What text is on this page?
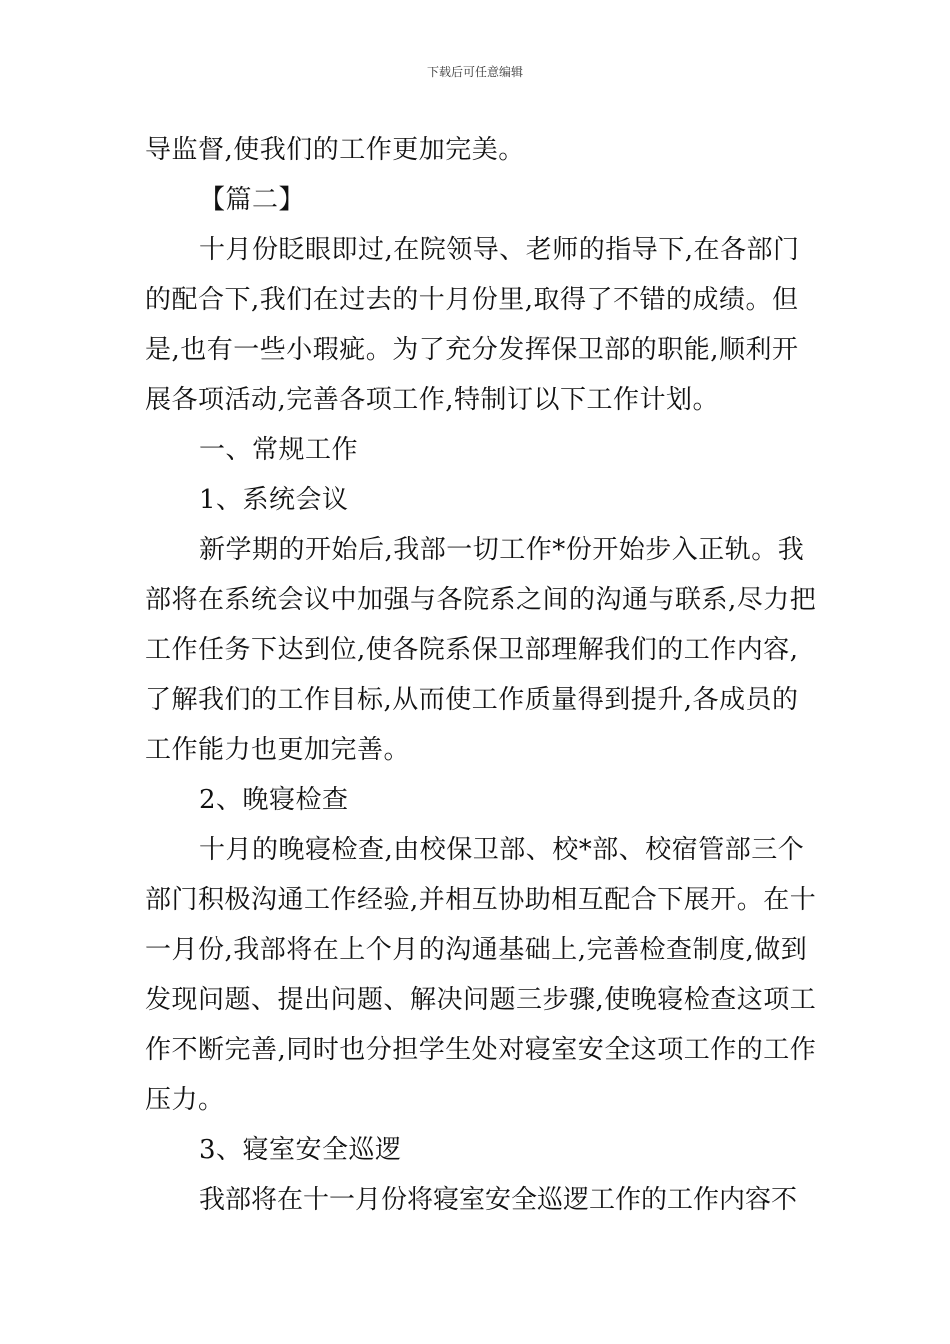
下载后可任意编辑
导监督,使我们的工作更加完美。
【篇二】
十月份眨眼即过,在院领导、老师的指导下,在各部门
的配合下,我们在过去的十月份里,取得了不错的成绩。但
是,也有一些小瑕疵。为了充分发挥保卫部的职能,顺利开
展各项活动,完善各项工作,特制订以下工作计划。
一、常规工作
1、系统会议
新学期的开始后,我部一切工作*份开始步入正轨。我
部将在系统会议中加强与各院系之间的沟通与联系,尽力把
工作任务下达到位,使各院系保卫部理解我们的工作内容,
了解我们的工作目标,从而使工作质量得到提升,各成员的
工作能力也更加完善。
2、晚寝检查
十月的晚寝检查,由校保卫部、校*部、校宿管部三个
部门积极沟通工作经验,并相互协助相互配合下展开。在十
一月份,我部将在上个月的沟通基础上,完善检查制度,做到
发现问题、提出问题、解决问题三步骤,使晚寝检查这项工
作不断完善,同时也分担学生处对寝室安全这项工作的工作
压力。
3、寝室安全巡逻
我部将在十一月份将寝室安全巡逻工作的工作内容不
